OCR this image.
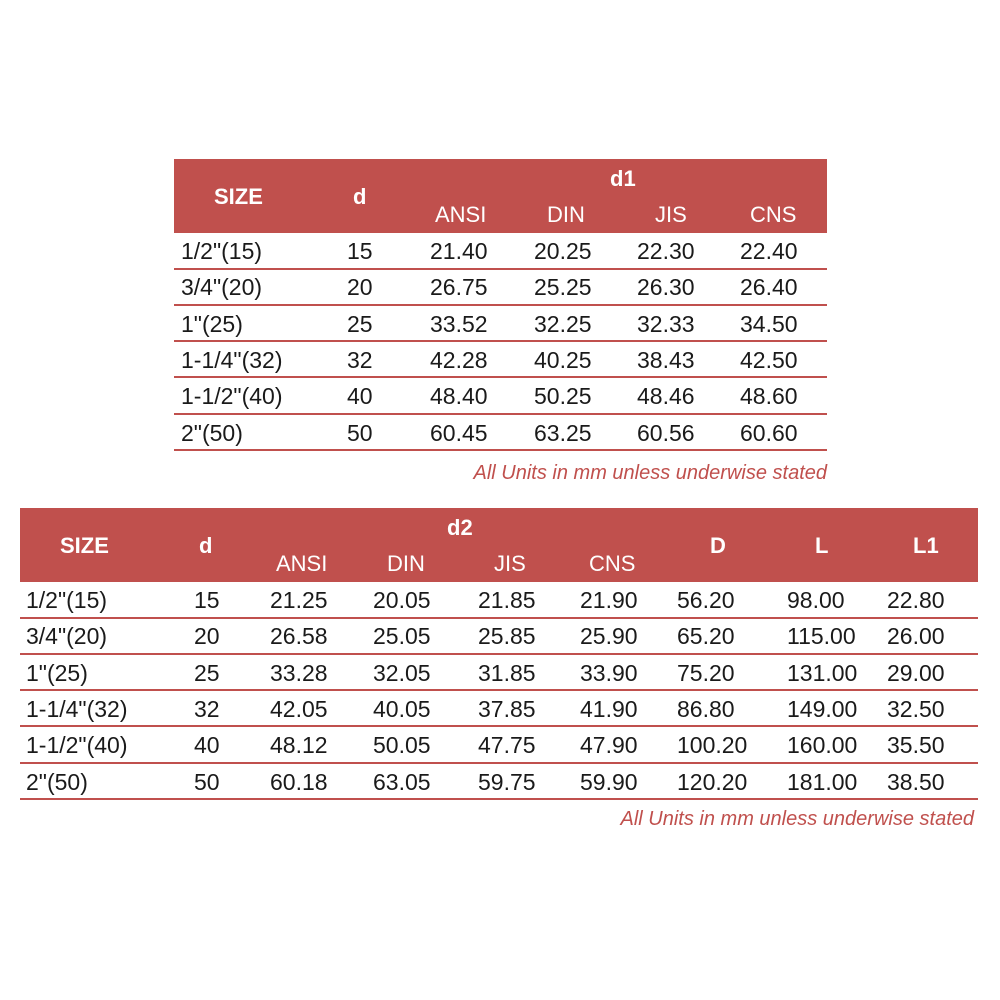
SIZE	d
d1
ANSI	DIN	JIS	CNS
1/2"(15)	15 21.40 20.25 22.30 22.40
3/4"(20)	20 26.75 25.25 26.30 26.40
1"(25)	25 33.52 32.25 32.33 34.50
1-1/4"(32)	32 42.28 40.25 38.43 42.50
1-1/2"(40)	40 48.40 50.25 48.46 48.60
2"(50)	50 60.45 63.25 60.56 60.60
All Units in mm unless underwise stated
SIZE	d
d2
ANSI	DIN	JIS	CNS
D	L	L1
1/2"(15)	15 21.25 20.05 21.85 21.90 56.20 98.00 22.80
3/4"(20)	20 26.58 25.05 25.85 25.90 65.20 115.00 26.00
1"(25)	25 33.28 32.05 31.85 33.90 75.20 131.00 29.00
1-1/4"(32)	32 42.05 40.05 37.85 41.90 86.80 149.00 32.50
1-1/2"(40)	40 48.12 50.05 47.75 47.90 100.20 160.00 35.50
2"(50)	50 60.18 63.05 59.75 59.90 120.20 181.00 38.50
All Units in mm unless underwise stated
